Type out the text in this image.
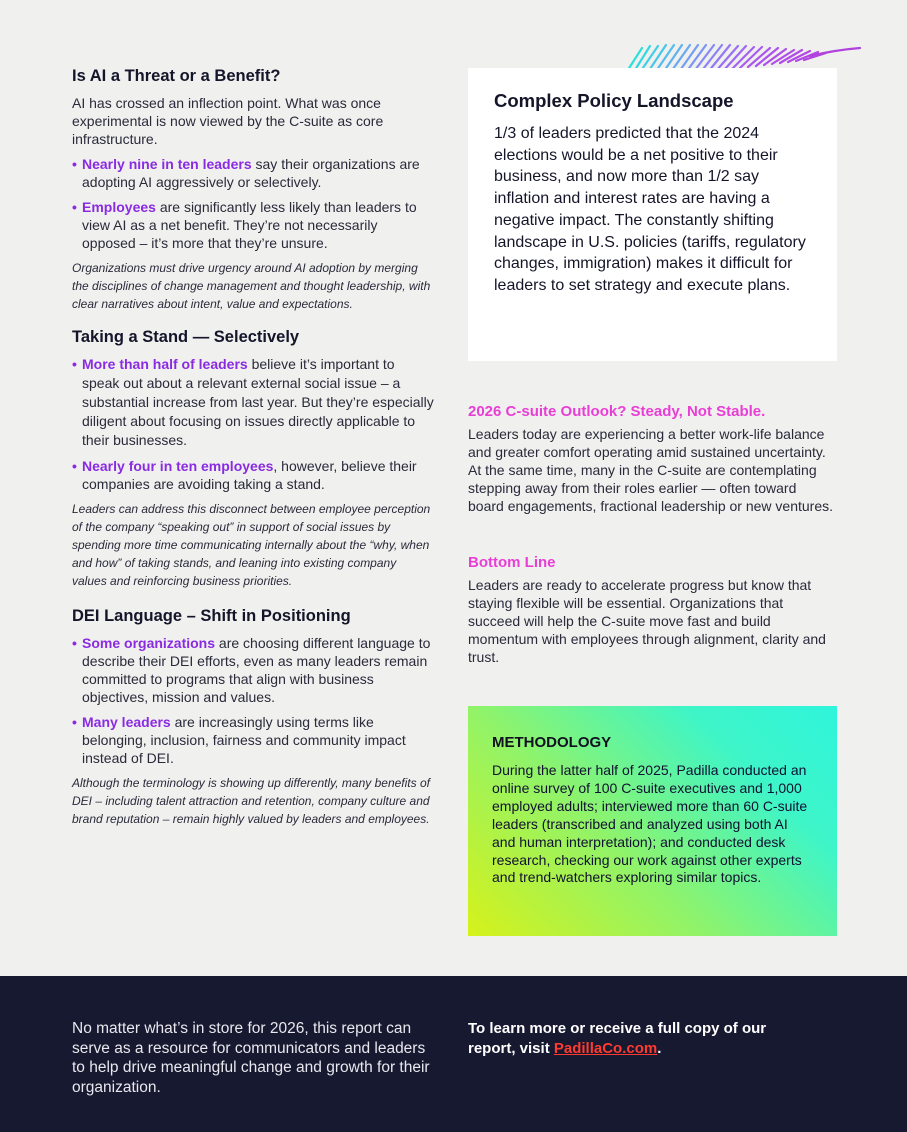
Is AI a Threat or a Benefit?

AI has crossed an inflection point. What was once experimental is now viewed by the C-suite as core infrastructure.

• Nearly nine in ten leaders say their organizations are adopting AI aggressively or selectively.
• Employees are significantly less likely than leaders to view AI as a net benefit. They’re not necessarily opposed – it’s more that they’re unsure.

Organizations must drive urgency around AI adoption by merging the disciplines of change management and thought leadership, with clear narratives about intent, value and expectations.

Taking a Stand — Selectively
• More than half of leaders believe it’s important to speak out about a relevant external social issue – a substantial increase from last year. But they’re especially diligent about focusing on issues directly applicable to their businesses.
• Nearly four in ten employees, however, believe their companies are avoiding taking a stand.

Leaders can address this disconnect between employee perception of the company “speaking out” in support of social issues by spending more time communicating internally about the “why, when and how” of taking stands, and leaning into existing company values and reinforcing business priorities.

DEI Language – Shift in Positioning
• Some organizations are choosing different language to describe their DEI efforts, even as many leaders remain committed to programs that align with business objectives, mission and values.
• Many leaders are increasingly using terms like belonging, inclusion, fairness and community impact instead of DEI.

Although the terminology is showing up differently, many benefits of DEI – including talent attraction and retention, company culture and brand reputation – remain highly valued by leaders and employees.

Complex Policy Landscape

1/3 of leaders predicted that the 2024 elections would be a net positive to their business, and now more than 1/2 say inflation and interest rates are having a negative impact. The constantly shifting landscape in U.S. policies (tariffs, regulatory changes, immigration) makes it difficult for leaders to set strategy and execute plans.

2026 C-suite Outlook? Steady, Not Stable.

Leaders today are experiencing a better work-life balance and greater comfort operating amid sustained uncertainty. At the same time, many in the C-suite are contemplating stepping away from their roles earlier — often toward board engagements, fractional leadership or new ventures.

Bottom Line

Leaders are ready to accelerate progress but know that staying flexible will be essential. Organizations that succeed will help the C-suite move fast and build momentum with employees through alignment, clarity and trust.

METHODOLOGY

During the latter half of 2025, Padilla conducted an online survey of 100 C-suite executives and 1,000 employed adults; interviewed more than 60 C-suite leaders (transcribed and analyzed using both AI and human interpretation); and conducted desk research, checking our work against other experts and trend-watchers exploring similar topics.

No matter what’s in store for 2026, this report can serve as a resource for communicators and leaders to help drive meaningful change and growth for their organization.

To learn more or receive a full copy of our report, visit PadillaCo.com.
